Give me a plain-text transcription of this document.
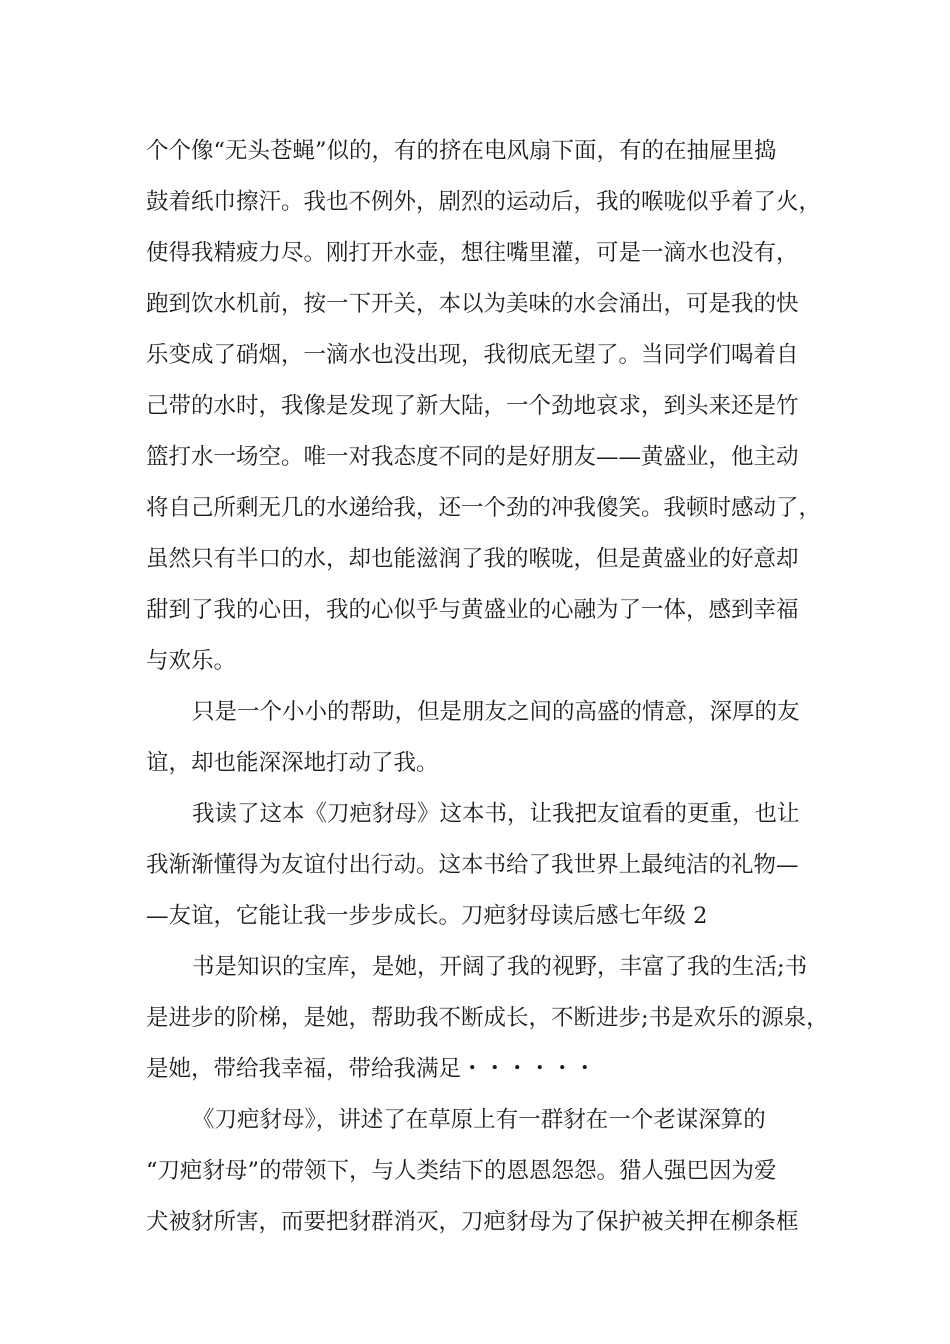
个个像“无头苍蝇”似的，有的挤在电风扇下面，有的在抽屉里捣
鼓着纸巾擦汗。我也不例外，剧烈的运动后，我的喉咙似乎着了火，
使得我精疲力尽。刚打开水壶，想往嘴里灌，可是一滴水也没有，
跑到饮水机前，按一下开关，本以为美味的水会涌出，可是我的快
乐变成了硝烟，一滴水也没出现，我彻底无望了。当同学们喝着自
己带的水时，我像是发现了新大陆，一个劲地哀求，到头来还是竹
篮打水一场空。唯一对我态度不同的是好朋友——黄盛业，他主动
将自己所剩无几的水递给我，还一个劲的冲我傻笑。我顿时感动了，
虽然只有半口的水，却也能滋润了我的喉咙，但是黄盛业的好意却
甜到了我的心田，我的心似乎与黄盛业的心融为了一体，感到幸福
与欢乐。
只是一个小小的帮助，但是朋友之间的高盛的情意，深厚的友
谊，却也能深深地打动了我。
我读了这本《刀疤豺母》这本书，让我把友谊看的更重，也让
我渐渐懂得为友谊付出行动。这本书给了我世界上最纯洁的礼物—
—友谊，它能让我一步步成长。刀疤豺母读后感七年级 2
书是知识的宝库，是她，开阔了我的视野，丰富了我的生活;书
是进步的阶梯，是她，帮助我不断成长，不断进步;书是欢乐的源泉，
是她，带给我幸福，带给我满足・・・・・・
《刀疤豺母》，讲述了在草原上有一群豺在一个老谋深算的
“刀疤豺母”的带领下，与人类结下的恩恩怨怨。猎人强巴因为爱
犬被豺所害，而要把豺群消灭，刀疤豺母为了保护被关押在柳条框
